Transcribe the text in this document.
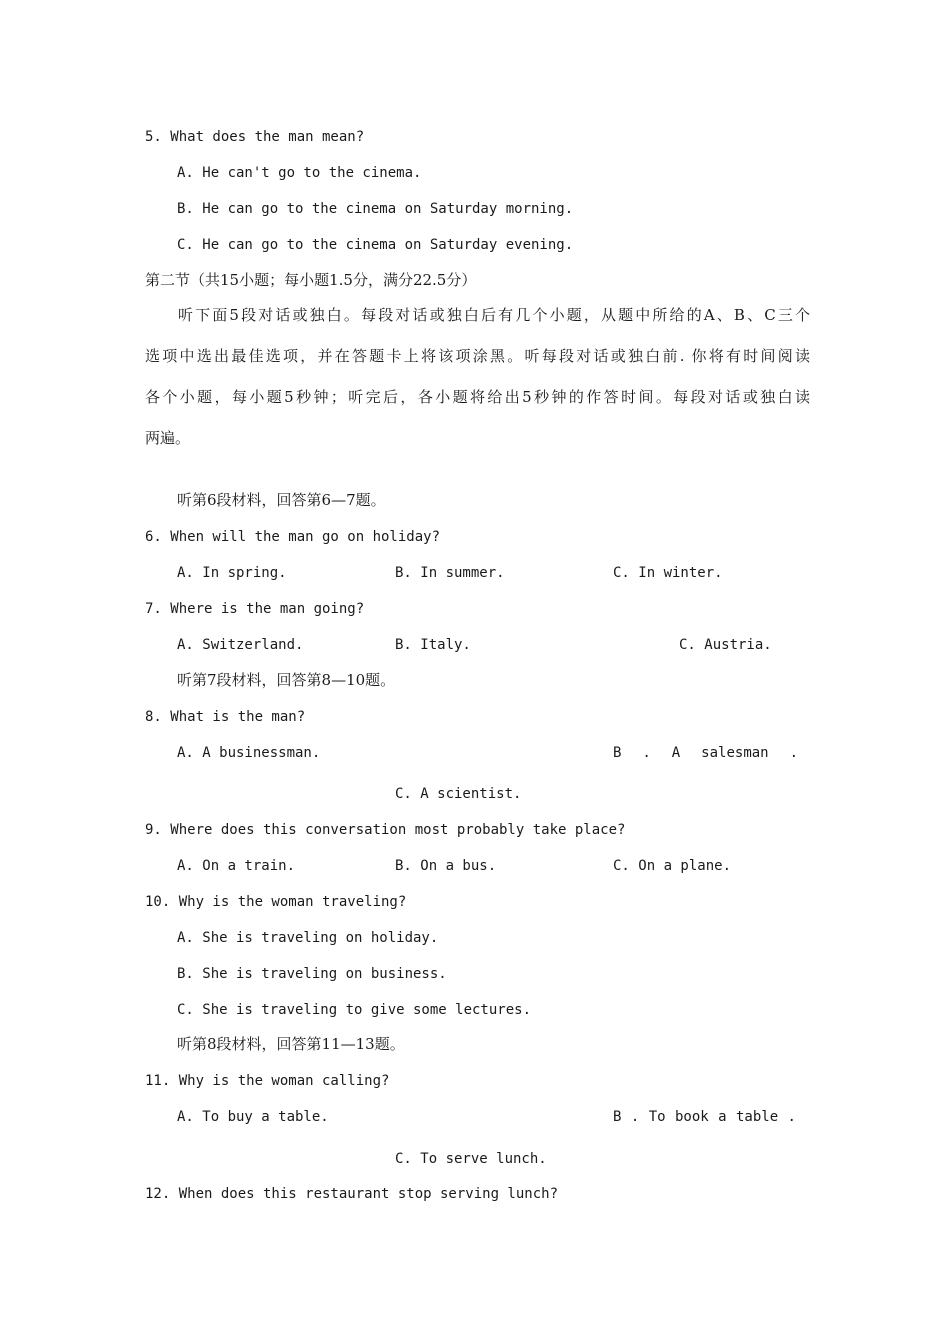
5. What does the man mean?
A. He can't go to the cinema.
B. He can go to the cinema on Saturday morning.
C. He can go to the cinema on Saturday evening.
第二节（共15小题；每小题1.5分，满分22.5分）
听下面5段对话或独白。每段对话或独白后有几个小题，从题中所给的A、B、C三个
选项中选出最佳选项，并在答题卡上将该项涂黑。听每段对话或独白前. 你将有时间阅读
各个小题，每小题5秒钟；听完后，各小题将给出5秒钟的作答时间。每段对话或独白读
两遍。
听第6段材料，回答第6—7题。
6. When will the man go on holiday?
A. In spring.	B. In summer.	C. In winter.
7. Where is the man going?
A. Switzerland.	B. Italy.	C. Austria.
听第7段材料，回答第8—10题。
8. What is the man?
A. A businessman.	B . A salesman .
C. A scientist.
9. Where does this conversation most probably take place?
A. On a train.	B. On a bus.	C. On a plane.
10. Why is the woman traveling?
A. She is traveling on holiday.
B. She is traveling on business.
C. She is traveling to give some lectures.
听第8段材料，回答第11—13题。
11. Why is the woman calling?
A. To buy a table.	B . To book a table .
C. To serve lunch.
12. When does this restaurant stop serving lunch?
